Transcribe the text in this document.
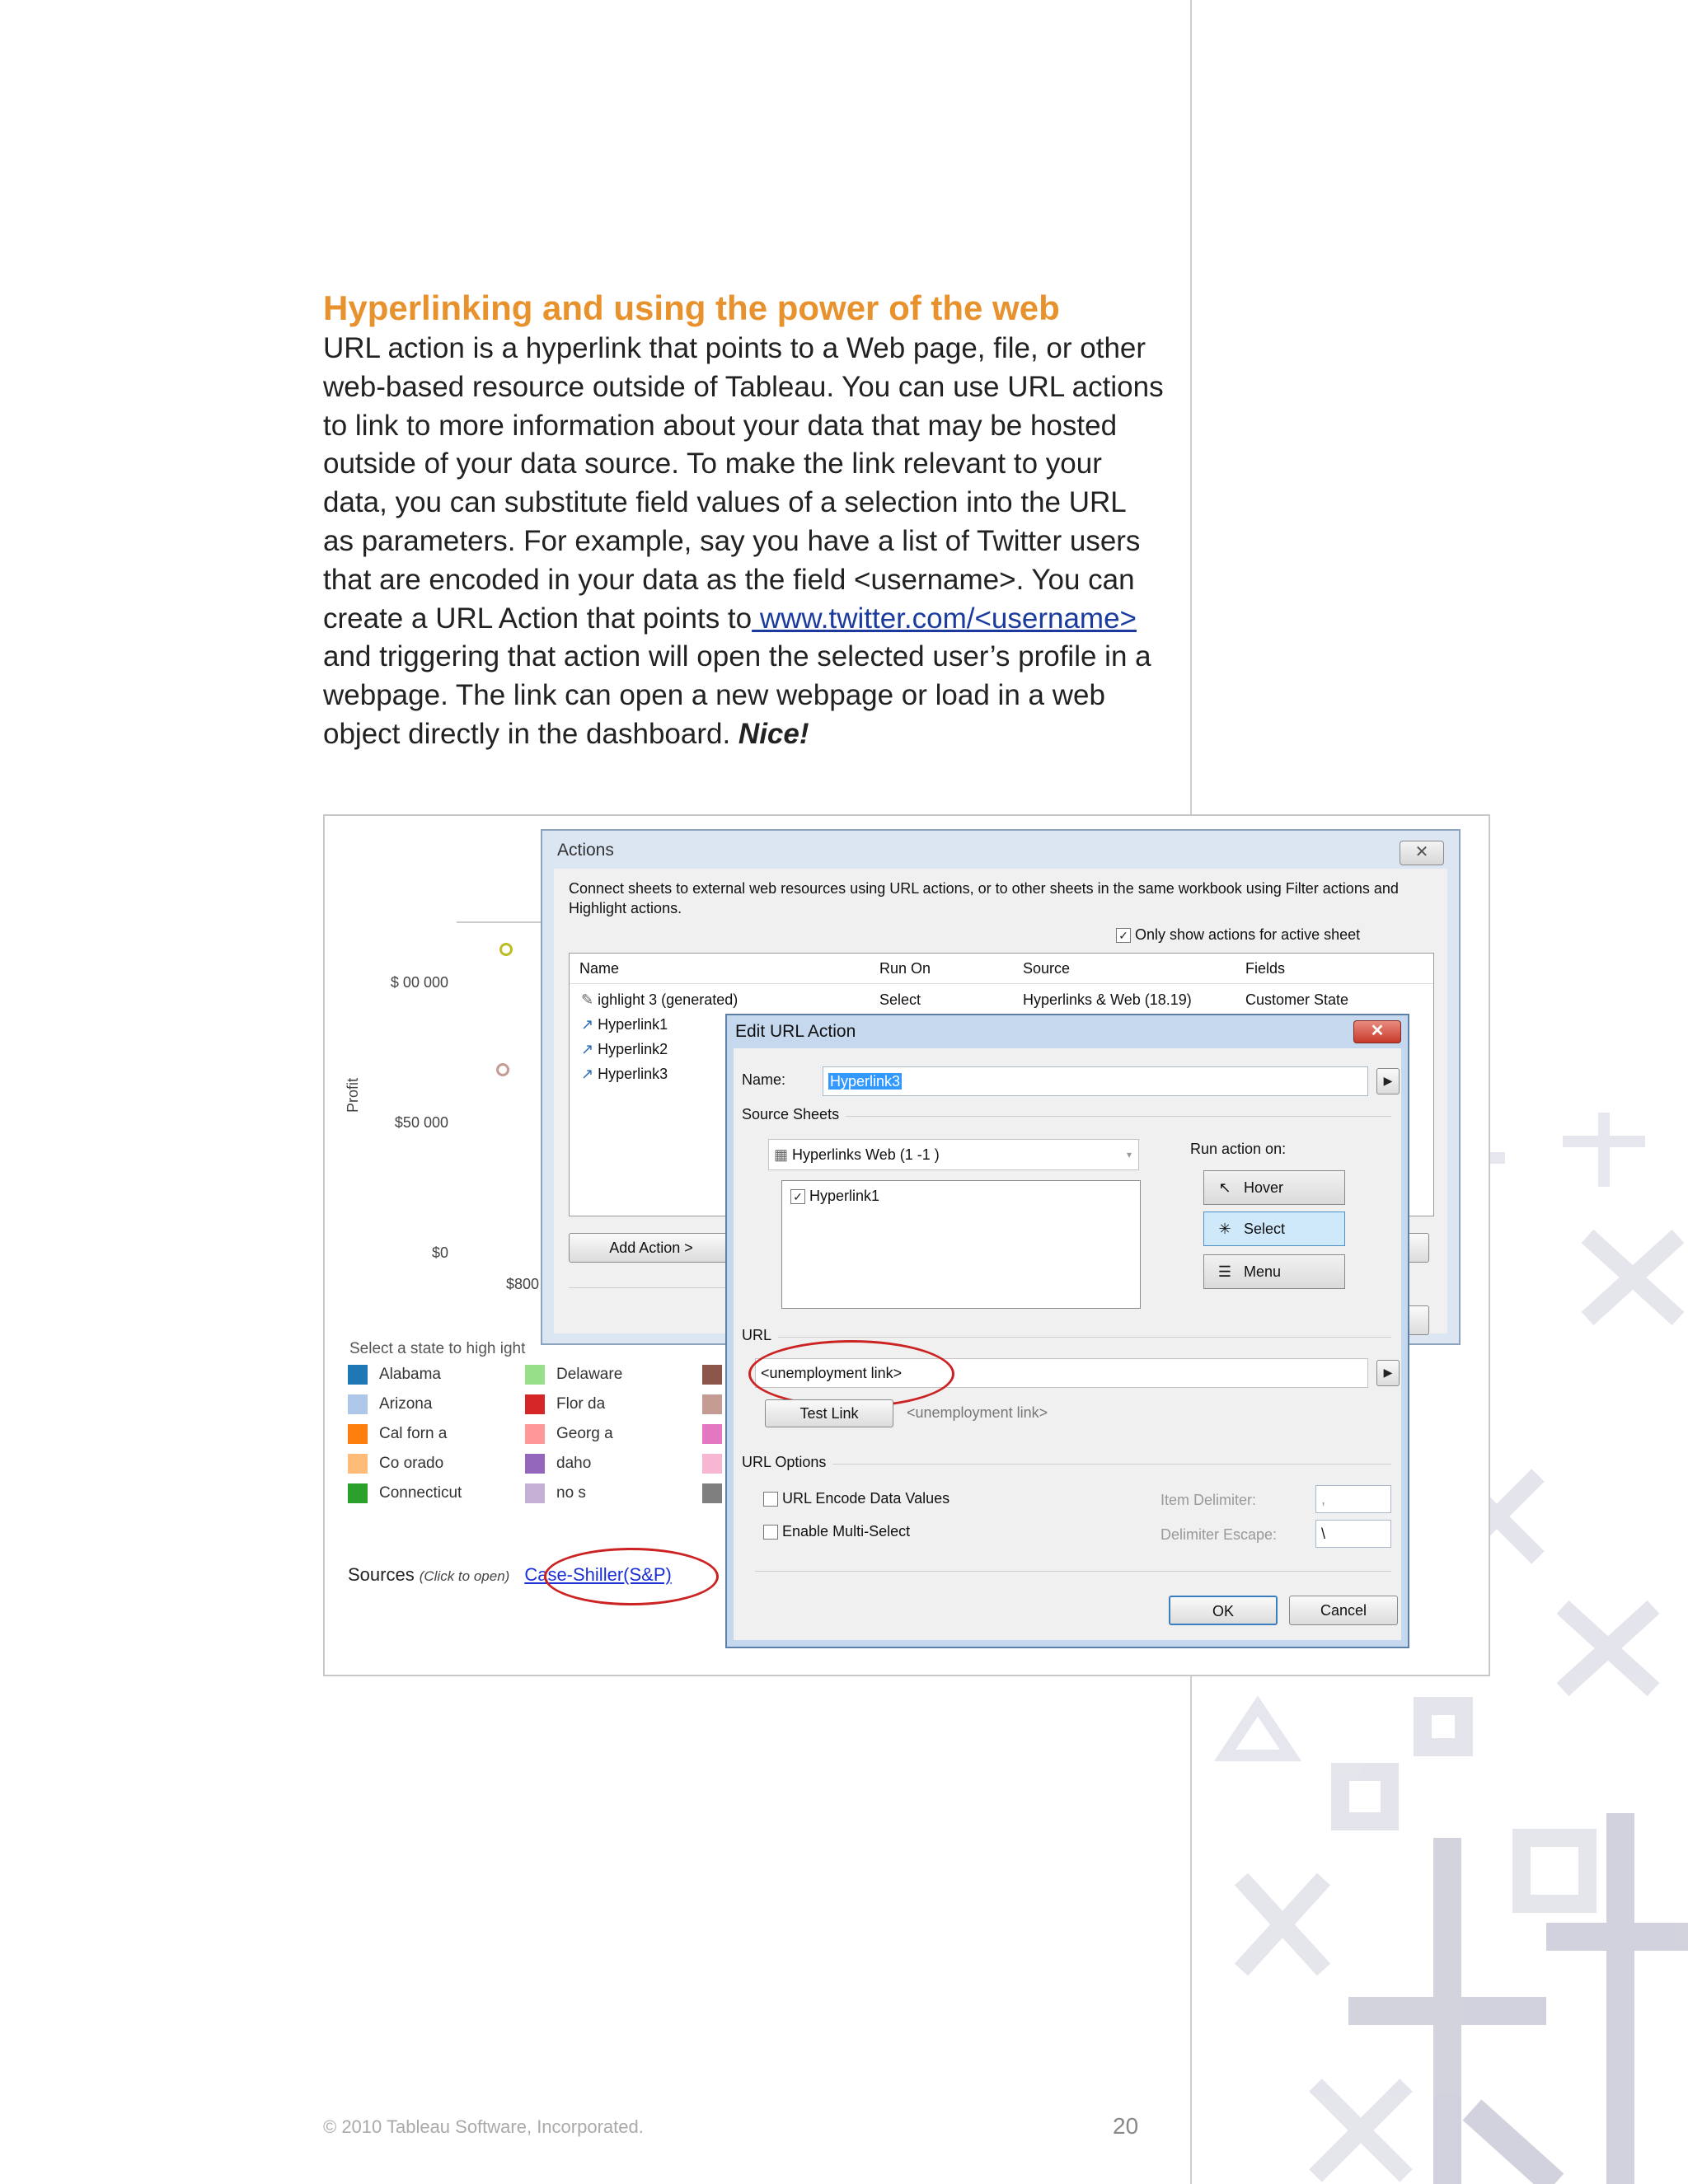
Hyperlinking and using the power of the web
URL action is a hyperlink that points to a Web page, file, or other web-based resource outside of Tableau. You can use URL actions to link to more information about your data that may be hosted outside of your data source. To make the link relevant to your data, you can substitute field values of a selection into the URL as parameters. For example, say you have a list of Twitter users that are encoded in your data as the field <username>. You can create a URL Action that points to www.twitter.com/<username> and triggering that action will open the selected user’s profile in a webpage. The link can open a new webpage or load in a web object directly in the dashboard. Nice!
$ 00 000
$50 000
$0
$800
Profit
Select a state to high ight
Alabama
Arizona
Cal forn a
Co orado
Connecticut
Delaware
Flor da
Georg a
daho
no s
Sources (Click to open) Case-Shiller(S&P)
Actions	✕
Connect sheets to external web resources using URL actions, or to other sheets in the same workbook using Filter actions and Highlight actions.
✓ Only show actions for active sheet
Name	Run On	Source	Fields
✎ ighlight 3 (generated)	Select	Hyperlinks & Web (18.19)	Customer State
↗ Hyperlink1
↗ Hyperlink2
↗ Hyperlink3
Add Action >
Edit URL Action	✕
Name:	Hyperlink3	▶
Source Sheets
▦ Hyperlinks Web (1 -1 )	▾
✓ Hyperlink1
Run action on:
↖ Hover
✳ Select
☰ Menu
URL
<unemployment link>	▶
Test Link	<unemployment link>
URL Options
URL Encode Data Values
Enable Multi-Select
Item Delimiter:	,
Delimiter Escape:	\
OK	Cancel
© 2010 Tableau Software, Incorporated.	20
